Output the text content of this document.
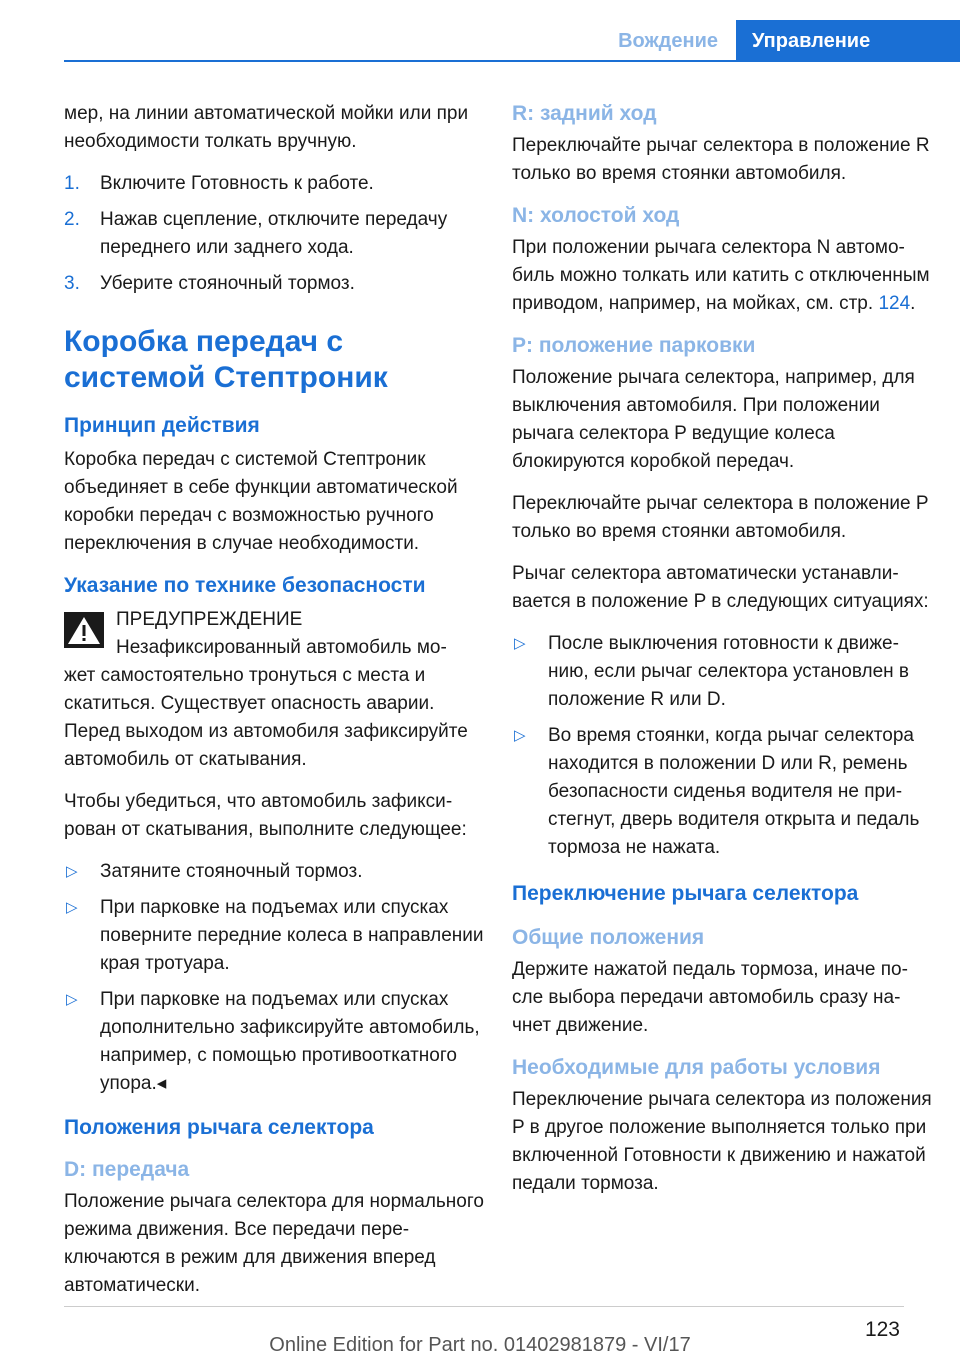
Вождение	Управление

мер, на линии автоматической мойки или при необходимости толкать вручную.

1. Включите Готовность к работе.
2. Нажав сцепление, отключите передачу переднего или заднего хода.
3. Уберите стояночный тормоз.
Коробка передач с системой Стептроник
Принцип действия

Коробка передач с системой Стептроник объединяет в себе функции автоматической коробки передач с возможностью ручного переключения в случае необходимости.

Указание по технике безопасности
ПРЕДУПРЕЖДЕНИЕ
Незафиксированный автомобиль мо-

жет самостоятельно тронуться с места и скатиться. Существует опасность аварии. Перед выходом из автомобиля зафиксируйте автомобиль от скатывания.

Чтобы убедиться, что автомобиль зафиксирован от скатывания, выполните следующее:

▷ Затяните стояночный тормоз.
▷ При парковке на подъемах или спусках поверните передние колеса в направлении края тротуара.
▷ При парковке на подъемах или спусках дополнительно зафиксируйте автомобиль, например, с помощью противооткатного упора.◂
Положения рычага селектора
D: передача

Положение рычага селектора для нормального режима движения. Все передачи переключаются в режим для движения вперед автоматически.

R: задний ход

Переключайте рычаг селектора в положение R только во время стоянки автомобиля.

N: холостой ход

При положении рычага селектора N автомобиль можно толкать или катить с отключенным приводом, например, на мойках, см. стр. 124.

P: положение парковки

Положение рычага селектора, например, для выключения автомобиля. При положении рычага селектора P ведущие колеса блокируются коробкой передач.

Переключайте рычаг селектора в положение P только во время стоянки автомобиля.

Рычаг селектора автоматически устанавливается в положение P в следующих ситуациях:

▷ После выключения готовности к движению, если рычаг селектора установлен в положение R или D.
▷ Во время стоянки, когда рычаг селектора находится в положении D или R, ремень безопасности сиденья водителя не пристегнут, дверь водителя открыта и педаль тормоза не нажата.
Переключение рычага селектора
Общие положения

Держите нажатой педаль тормоза, иначе после выбора передачи автомобиль сразу начнет движение.

Необходимые для работы условия

Переключение рычага селектора из положения P в другое положение выполняется только при включенной Готовности к движению и нажатой педали тормоза.

123
Online Edition for Part no. 01402981879 - VI/17
